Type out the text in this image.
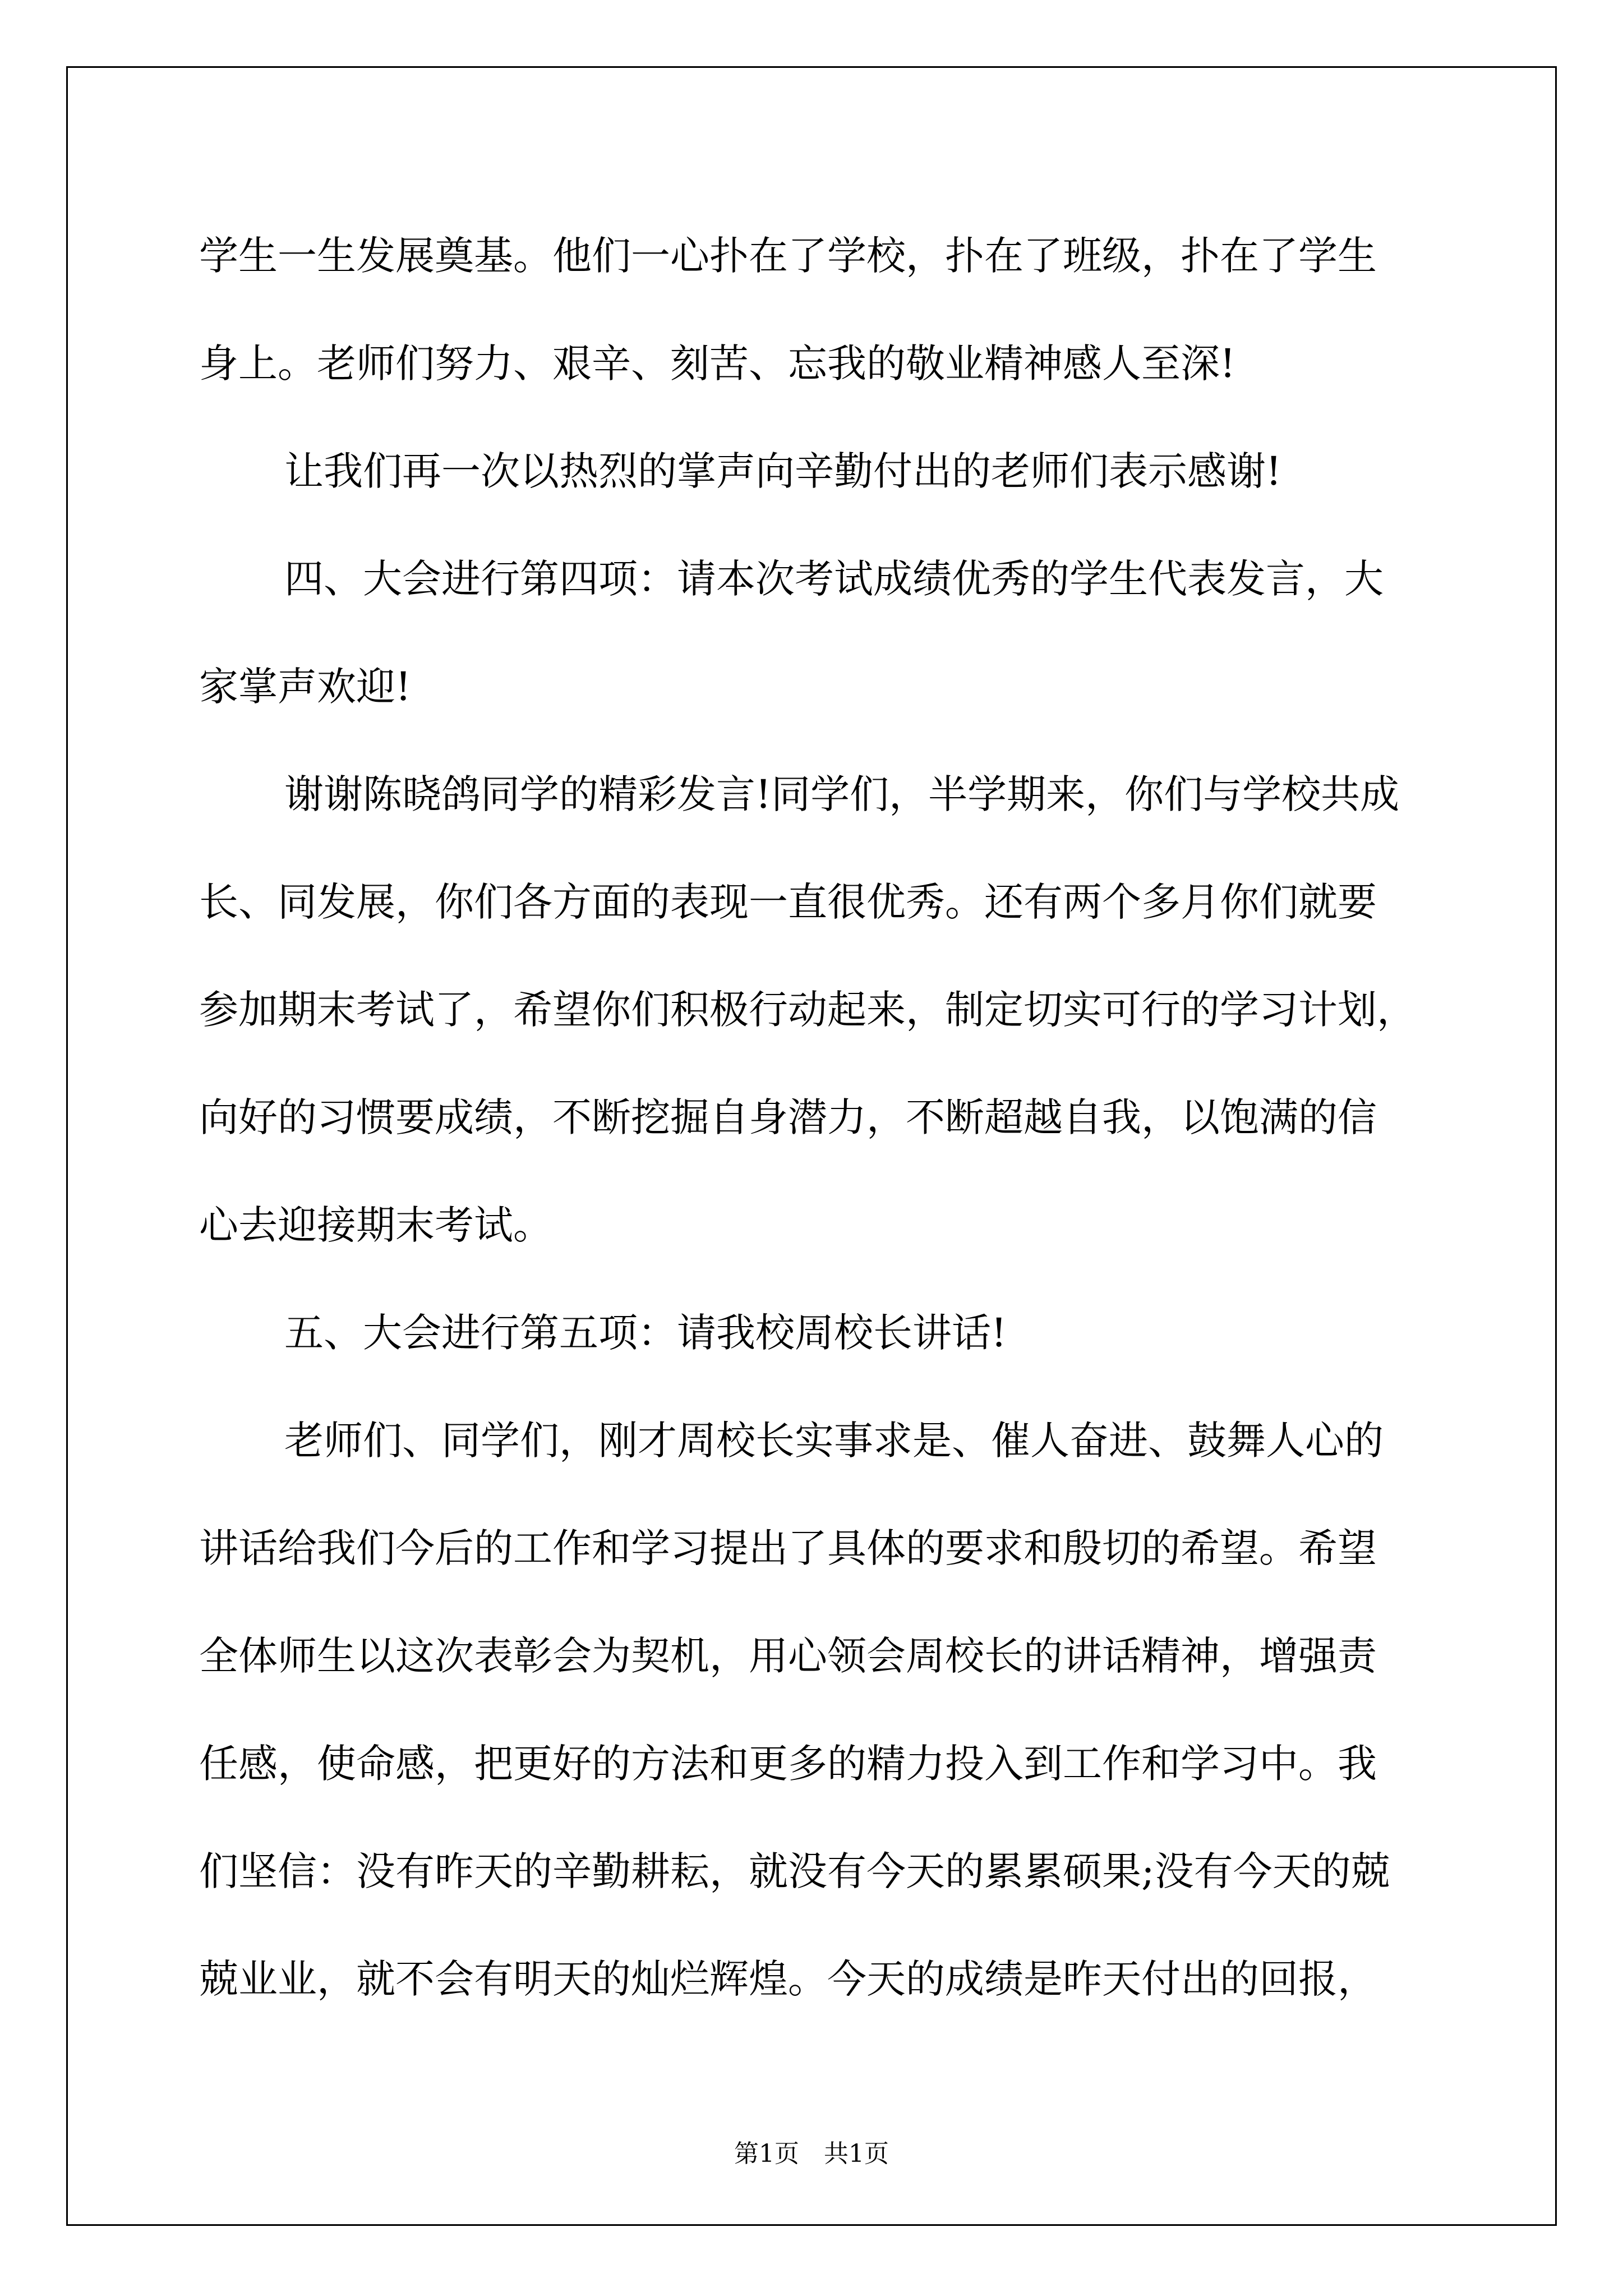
学生一生发展奠基。他们一心扑在了学校，扑在了班级，扑在了学生

身上。老师们努力、艰辛、刻苦、忘我的敬业精神感人至深!

让我们再一次以热烈的掌声向辛勤付出的老师们表示感谢!

四、大会进行第四项：请本次考试成绩优秀的学生代表发言，大

家掌声欢迎!

谢谢陈晓鸽同学的精彩发言!同学们，半学期来，你们与学校共成

长、同发展，你们各方面的表现一直很优秀。还有两个多月你们就要

参加期末考试了，希望你们积极行动起来，制定切实可行的学习计划，

向好的习惯要成绩，不断挖掘自身潜力，不断超越自我，以饱满的信

心去迎接期末考试。

五、大会进行第五项：请我校周校长讲话!

老师们、同学们，刚才周校长实事求是、催人奋进、鼓舞人心的

讲话给我们今后的工作和学习提出了具体的要求和殷切的希望。希望

全体师生以这次表彰会为契机，用心领会周校长的讲话精神，增强责

任感，使命感，把更好的方法和更多的精力投入到工作和学习中。我

们坚信：没有昨天的辛勤耕耘，就没有今天的累累硕果;没有今天的兢

兢业业，就不会有明天的灿烂辉煌。今天的成绩是昨天付出的回报，

第1页　共1页
